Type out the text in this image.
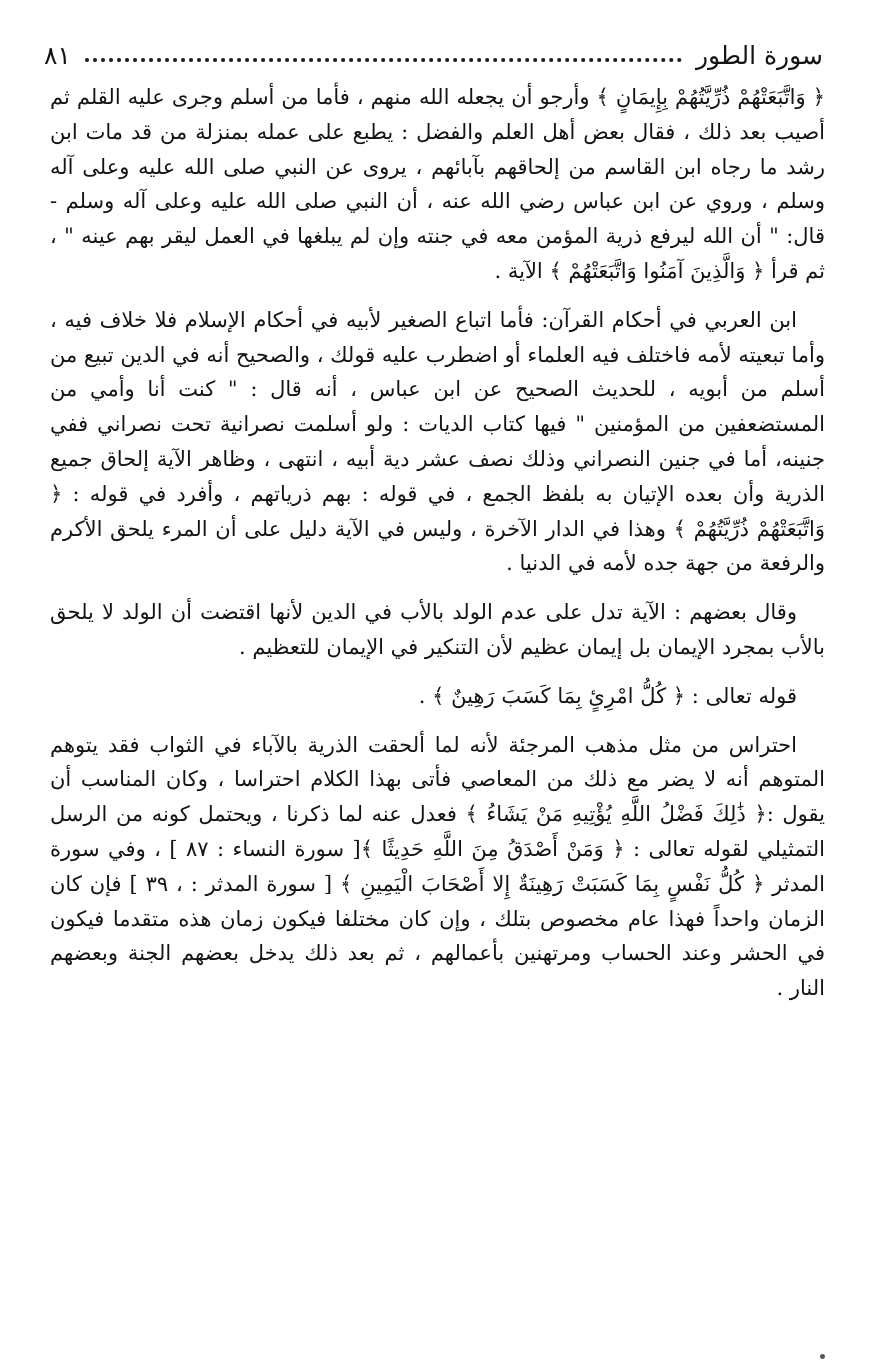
سورة الطور
٨١

﴿ وَاتَّبَعَتْهُمْ ذُرِّيَّتُهُمْ بِإِيمَانٍ ﴾ وأرجو أن يجعله الله منهم ، فأما من أسلم وجرى عليه القلم ثم أصيب بعد ذلك ، فقال بعض أهل العلم والفضل : يطبع على عمله بمنزلة من قد مات ابن رشد ما رجاه ابن القاسم من إلحاقهم بآبائهم ، يروى عن النبي صلى الله عليه وعلى آله وسلم ، وروي عن ابن عباس رضي الله عنه ، أن النبي صلى الله عليه وعلى آله وسلم - قال: " أن الله ليرفع ذرية المؤمن معه في جنته وإن لم يبلغها في العمل ليقر بهم عينه " ، ثم قرأ ﴿ وَالَّذِينَ آمَنُوا وَاتَّبَعَتْهُمْ ﴾ الآية .

ابن العربي في أحكام القرآن: فأما اتباع الصغير لأبيه في أحكام الإسلام فلا خلاف فيه ، وأما تبعيته لأمه فاختلف فيه العلماء أو اضطرب عليه قولك ، والصحيح أنه في الدين تبيع من أسلم من أبويه ، للحديث الصحيح عن ابن عباس ، أنه قال : " كنت أنا وأمي من المستضعفين من المؤمنين " فيها كتاب الديات : ولو أسلمت نصرانية تحت نصراني ففي جنينه، أما في جنين النصراني وذلك نصف عشر دية أبيه ، انتهى ، وظاهر الآية إلحاق جميع الذرية وأن بعده الإتيان به بلفظ الجمع ، في قوله : بهم ذرياتهم ، وأفرد في قوله : ﴿ وَاتَّبَعَتْهُمْ ذُرِّيَّتُهُمْ ﴾ وهذا في الدار الآخرة ، وليس في الآية دليل على أن المرء يلحق الأكرم والرفعة من جهة جده لأمه في الدنيا .

وقال بعضهم : الآية تدل على عدم الولد بالأب في الدين لأنها اقتضت أن الولد لا يلحق بالأب بمجرد الإيمان بل إيمان عظيم لأن التنكير في الإيمان للتعظيم .

قوله تعالى : ﴿ كُلُّ امْرِئٍ بِمَا كَسَبَ رَهِينٌ ﴾ .

احتراس من مثل مذهب المرجئة لأنه لما ألحقت الذرية بالآباء في الثواب فقد يتوهم المتوهم أنه لا يضر مع ذلك من المعاصي فأتى بهذا الكلام احتراسا ، وكان المناسب أن يقول :﴿ ذَٰلِكَ فَضْلُ اللَّهِ يُؤْتِيهِ مَنْ يَشَاءُ ﴾ فعدل عنه لما ذكرنا ، ويحتمل كونه من الرسل التمثيلي لقوله تعالى : ﴿ وَمَنْ أَصْدَقُ مِنَ اللَّهِ حَدِيثًا ﴾[ سورة النساء : ٨٧ ] ، وفي سورة المدثر ﴿ كُلُّ نَفْسٍ بِمَا كَسَبَتْ رَهِينَةٌ إِلا أَصْحَابَ الْيَمِينِ ﴾ [ سورة المدثر : ، ٣٩ ] فإن كان الزمان واحداً فهذا عام مخصوص بتلك ، وإن كان مختلفا فيكون زمان هذه متقدما فيكون في الحشر وعند الحساب ومرتهنين بأعمالهم ، ثم بعد ذلك يدخل بعضهم الجنة وبعضهم النار .
